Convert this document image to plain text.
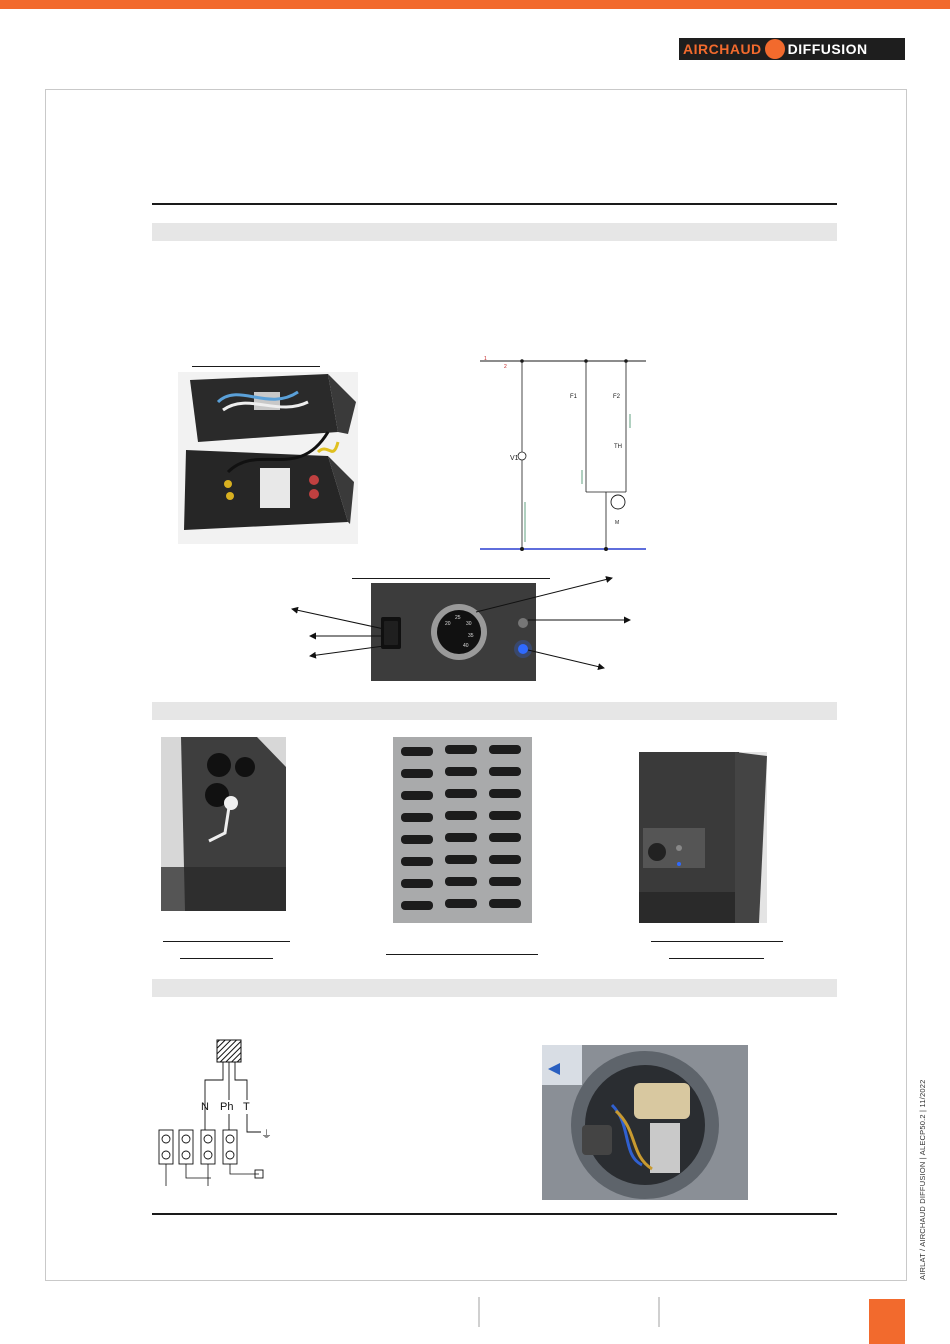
AIRCHAUD DIFFUSION
1
2
V1
F1	F2
TH
M
20
25
30
35
40
N Ph T
⏚	AIRLAT / AIRCHAUD DIFFUSION | ALECP50.2 | 11/2022
